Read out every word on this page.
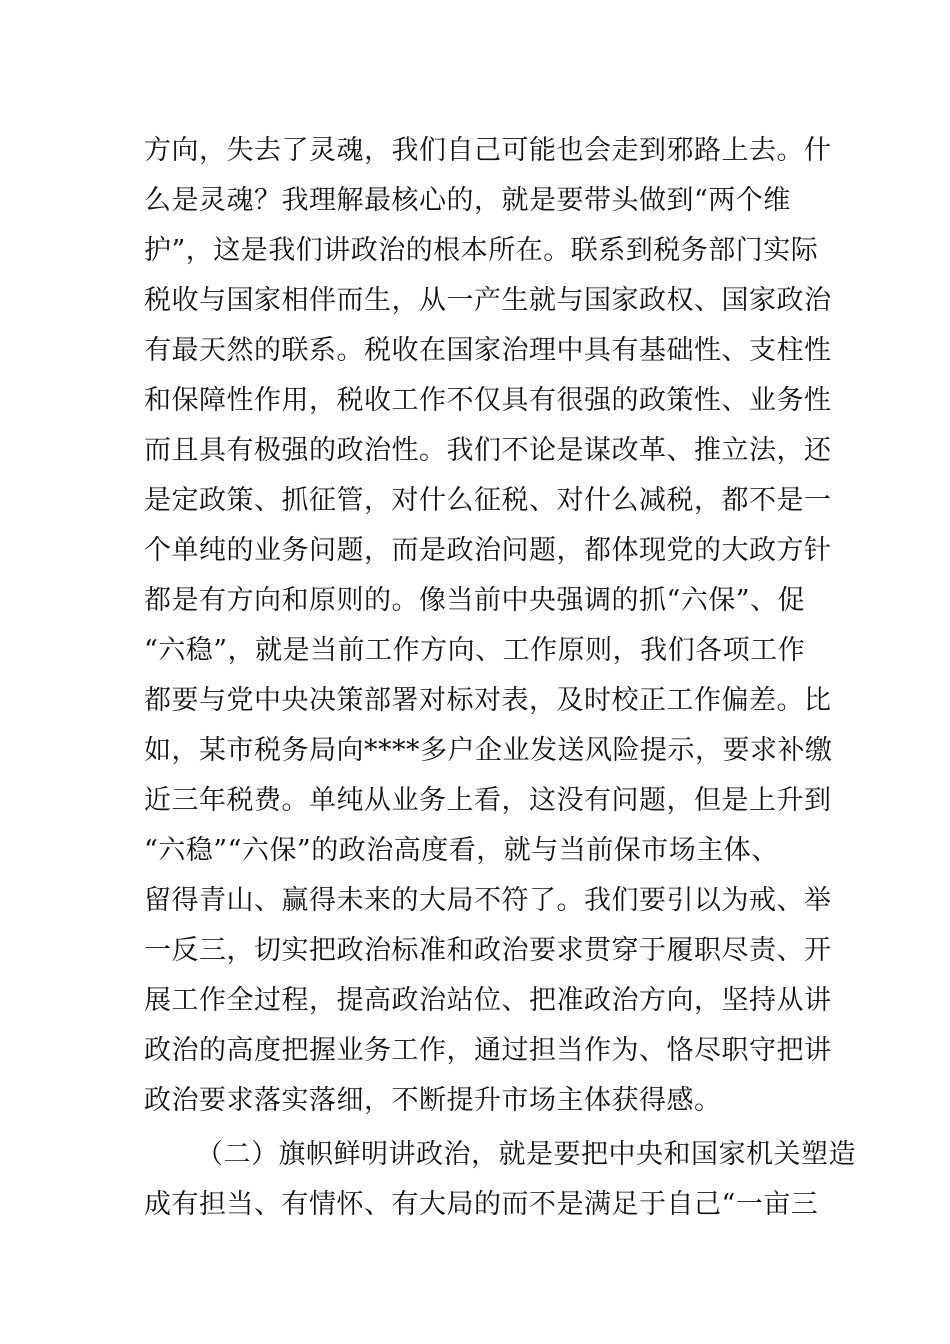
方向，失去了灵魂，我们自己可能也会走到邪路上去。什
么是灵魂？我理解最核心的，就是要带头做到“两个维
护”，这是我们讲政治的根本所在。联系到税务部门实际
税收与国家相伴而生，从一产生就与国家政权、国家政治
有最天然的联系。税收在国家治理中具有基础性、支柱性
和保障性作用，税收工作不仅具有很强的政策性、业务性
而且具有极强的政治性。我们不论是谋改革、推立法，还
是定政策、抓征管，对什么征税、对什么减税，都不是一
个单纯的业务问题，而是政治问题，都体现党的大政方针
都是有方向和原则的。像当前中央强调的抓“六保”、促
“六稳”，就是当前工作方向、工作原则，我们各项工作
都要与党中央决策部署对标对表，及时校正工作偏差。比
如，某市税务局向****多户企业发送风险提示，要求补缴
近三年税费。单纯从业务上看，这没有问题，但是上升到
“六稳”“六保”的政治高度看，就与当前保市场主体、
留得青山、赢得未来的大局不符了。我们要引以为戒、举
一反三，切实把政治标准和政治要求贯穿于履职尽责、开
展工作全过程，提高政治站位、把准政治方向，坚持从讲
政治的高度把握业务工作，通过担当作为、恪尽职守把讲
政治要求落实落细，不断提升市场主体获得感。
（二）旗帜鲜明讲政治，就是要把中央和国家机关塑造
成有担当、有情怀、有大局的而不是满足于自己“一亩三
